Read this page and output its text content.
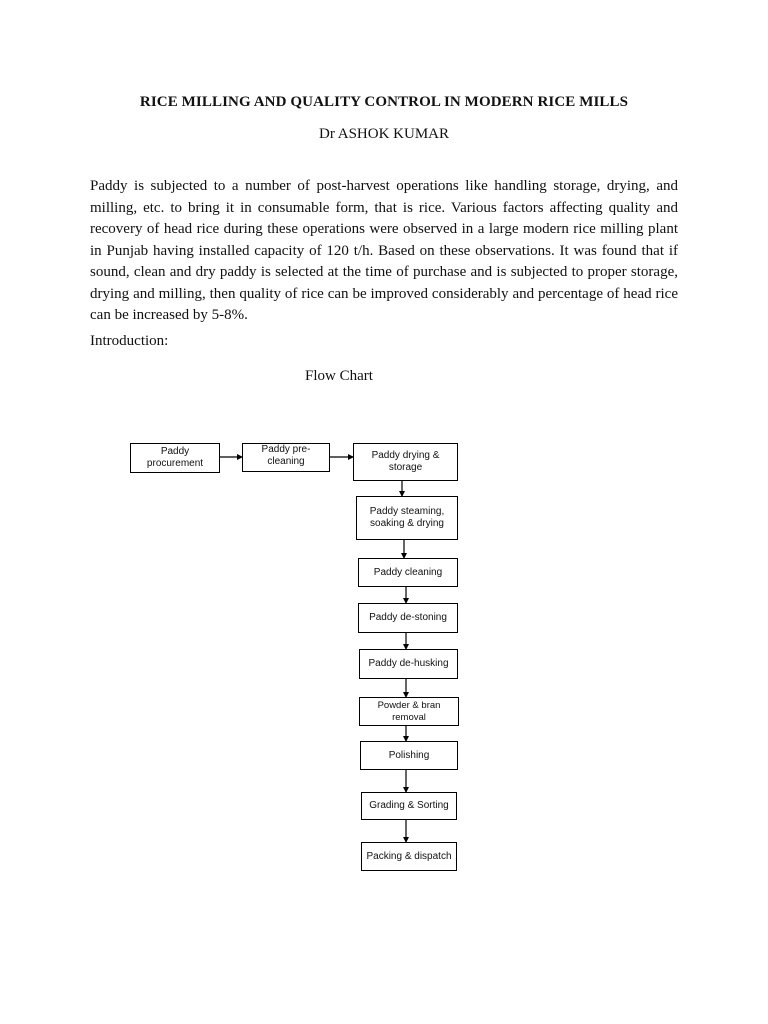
RICE MILLING AND QUALITY CONTROL IN MODERN RICE MILLS
Dr ASHOK KUMAR

Paddy is subjected to a number of post-harvest operations like handling storage, drying, and milling, etc. to bring it in consumable form, that is rice. Various factors affecting quality and recovery of head rice during these operations were observed in a large modern rice milling plant in Punjab having installed capacity of 120 t/h. Based on these observations. It was found that if sound, clean and dry paddy is selected at the time of purchase and is subjected to proper storage, drying and milling, then quality of rice can be improved considerably and percentage of head rice can be increased by 5-8%.

Introduction:
Flow Chart
Paddy procurement
Paddy pre-cleaning
Paddy drying & storage
Paddy steaming,
soaking & drying
Paddy cleaning
Paddy de-stoning
Paddy de-husking
Powder & bran removal
Polishing
Grading & Sorting
Packing & dispatch
